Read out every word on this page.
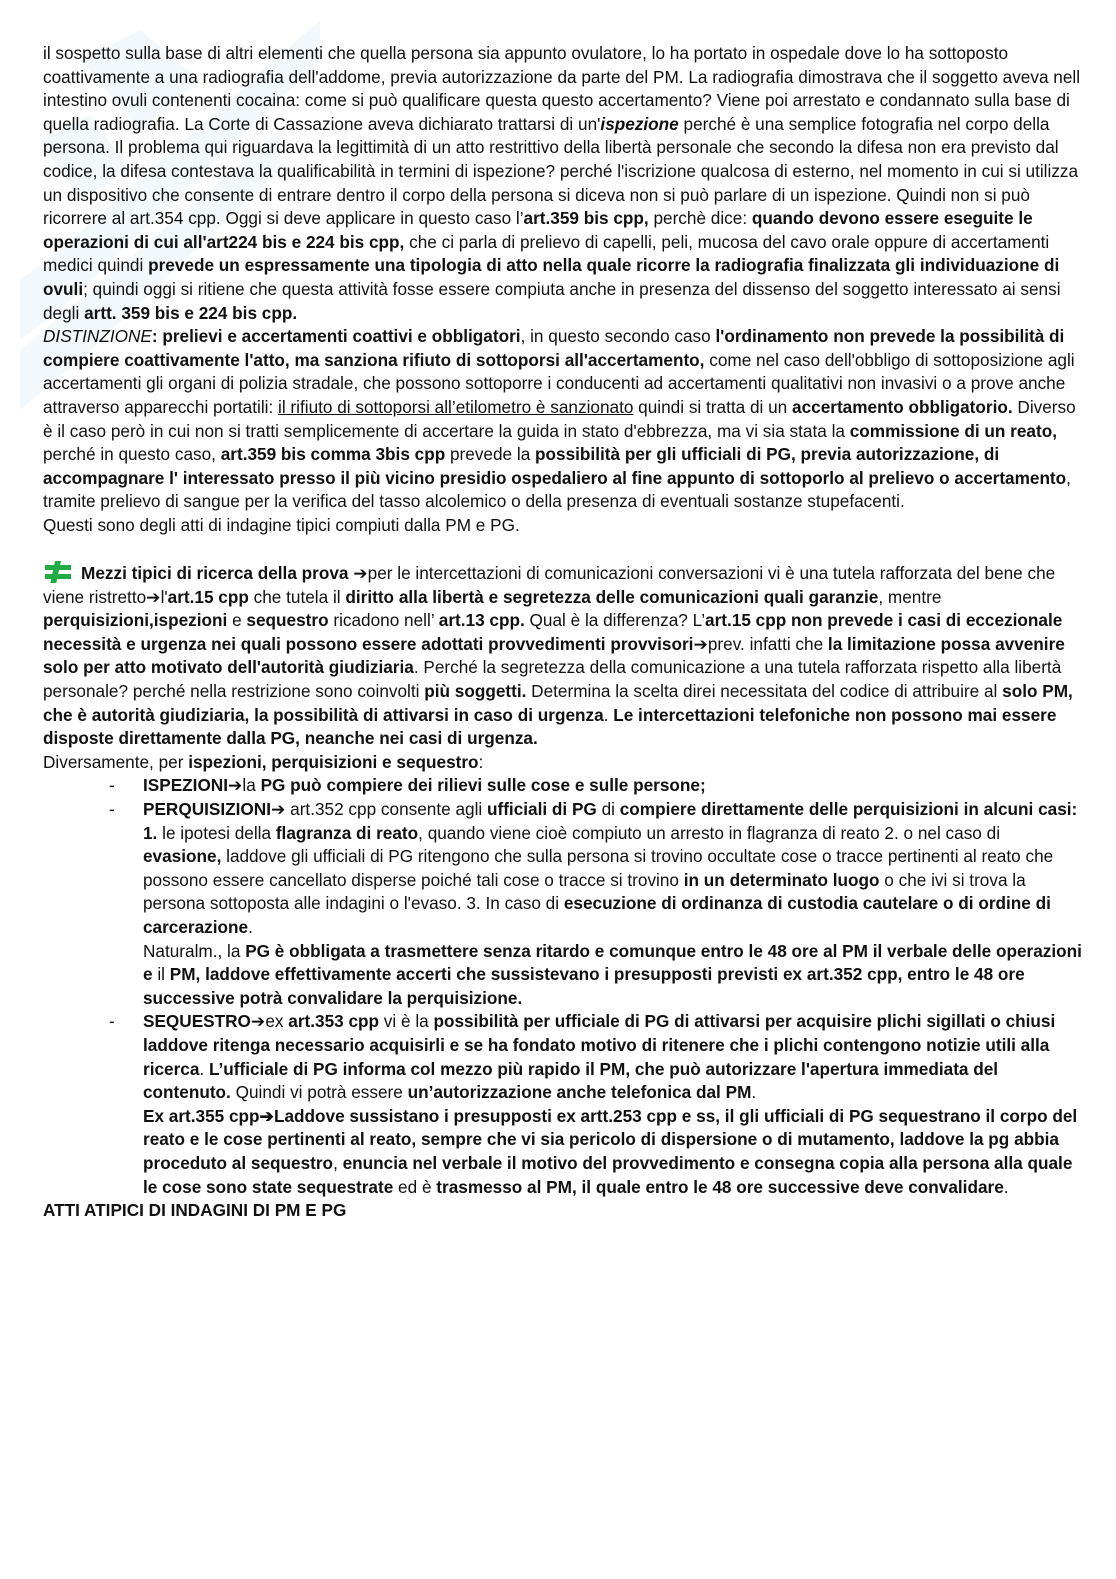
il sospetto sulla base di altri elementi che quella persona sia appunto ovulatore, lo ha portato in ospedale dove lo ha sottoposto coattivamente a una radiografia dell'addome, previa autorizzazione da parte del PM. La radiografia dimostrava che il soggetto aveva nell intestino ovuli contenenti cocaina: come si può qualificare questa questo accertamento? Viene poi arrestato e condannato sulla base di quella radiografia. La Corte di Cassazione aveva dichiarato trattarsi di un'ispezione perché è una semplice fotografia nel corpo della persona. Il problema qui riguardava la legittimità di un atto restrittivo della libertà personale che secondo la difesa non era previsto dal codice, la difesa contestava la qualificabilità in termini di ispezione? perché l'iscrizione qualcosa di esterno, nel momento in cui si utilizza un dispositivo che consente di entrare dentro il corpo della persona si diceva non si può parlare di un ispezione. Quindi non si può ricorrere al art.354 cpp. Oggi si deve applicare in questo caso l’art.359 bis cpp, perchè dice: quando devono essere eseguite le operazioni di cui all'art224 bis e 224 bis cpp, che ci parla di prelievo di capelli, peli, mucosa del cavo orale oppure di accertamenti medici quindi prevede un espressamente una tipologia di atto nella quale ricorre la radiografia finalizzata gli individuazione di ovuli; quindi oggi si ritiene che questa attività fosse essere compiuta anche in presenza del dissenso del soggetto interessato ai sensi degli artt. 359 bis e 224 bis cpp.

DISTINZIONE: prelievi e accertamenti coattivi e obbligatori, in questo secondo caso l'ordinamento non prevede la possibilità di compiere coattivamente l'atto, ma sanziona rifiuto di sottoporsi all'accertamento, come nel caso dell'obbligo di sottoposizione agli accertamenti gli organi di polizia stradale, che possono sottoporre i conducenti ad accertamenti qualitativi non invasivi o a prove anche attraverso apparecchi portatili: il rifiuto di sottoporsi all’etilometro è sanzionato quindi si tratta di un accertamento obbligatorio. Diverso è il caso però in cui non si tratti semplicemente di accertare la guida in stato d'ebbrezza, ma vi sia stata la commissione di un reato, perché in questo caso, art.359 bis comma 3bis cpp prevede la possibilità per gli ufficiali di PG, previa autorizzazione, di accompagnare l' interessato presso il più vicino presidio ospedaliero al fine appunto di sottoporlo al prelievo o accertamento, tramite prelievo di sangue per la verifica del tasso alcolemico o della presenza di eventuali sostanze stupefacenti.

Questi sono degli atti di indagine tipici compiuti dalla PM e PG.

Mezzi tipici di ricerca della prova ➔per le intercettazioni di comunicazioni conversazioni vi è una tutela rafforzata del bene che viene ristretto➔l'art.15 cpp che tutela il diritto alla libertà e segretezza delle comunicazioni quali garanzie, mentre perquisizioni,ispezioni e sequestro ricadono nell’ art.13 cpp. Qual è la differenza? L’art.15 cpp non prevede i casi di eccezionale necessità e urgenza nei quali possono essere adottati provvedimenti provvisori➔prev. infatti che la limitazione possa avvenire solo per atto motivato dell'autorità giudiziaria. Perché la segretezza della comunicazione a una tutela rafforzata rispetto alla libertà personale? perché nella restrizione sono coinvolti più soggetti. Determina la scelta direi necessitata del codice di attribuire al solo PM, che è autorità giudiziaria, la possibilità di attivarsi in caso di urgenza. Le intercettazioni telefoniche non possono mai essere disposte direttamente dalla PG, neanche nei casi di urgenza.

Diversamente, per ispezioni, perquisizioni e sequestro:

- ISPEZIONI➔la PG può compiere dei rilievi sulle cose e sulle persone;
- PERQUISIZIONI➔ art.352 cpp consente agli ufficiali di PG di compiere direttamente delle perquisizioni in alcuni casi: 1. le ipotesi della flagranza di reato, quando viene cioè compiuto un arresto in flagranza di reato 2. o nel caso di evasione, laddove gli ufficiali di PG ritengono che sulla persona si trovino occultate cose o tracce pertinenti al reato che possono essere cancellato disperse poiché tali cose o tracce si trovino in un determinato luogo o che ivi si trova la persona sottoposta alle indagini o l'evaso. 3. In caso di esecuzione di ordinanza di custodia cautelare o di ordine di carcerazione.
Naturalm., la PG è obbligata a trasmettere senza ritardo e comunque entro le 48 ore al PM il verbale delle operazioni e il PM, laddove effettivamente accerti che sussistevano i presupposti previsti ex art.352 cpp, entro le 48 ore successive potrà convalidare la perquisizione.
- SEQUESTRO➔ex art.353 cpp vi è la possibilità per ufficiale di PG di attivarsi per acquisire plichi sigillati o chiusi laddove ritenga necessario acquisirli e se ha fondato motivo di ritenere che i plichi contengono notizie utili alla ricerca. L’ufficiale di PG informa col mezzo più rapido il PM, che può autorizzare l'apertura immediata del contenuto. Quindi vi potrà essere un’autorizzazione anche telefonica dal PM.
Ex art.355 cpp➔Laddove sussistano i presupposti ex artt.253 cpp e ss, il gli ufficiali di PG sequestrano il corpo del reato e le cose pertinenti al reato, sempre che vi sia pericolo di dispersione o di mutamento, laddove la pg abbia proceduto al sequestro, enuncia nel verbale il motivo del provvedimento e consegna copia alla persona alla quale le cose sono state sequestrate ed è trasmesso al PM, il quale entro le 48 ore successive deve convalidare.

ATTI ATIPICI DI INDAGINI DI PM E PG
